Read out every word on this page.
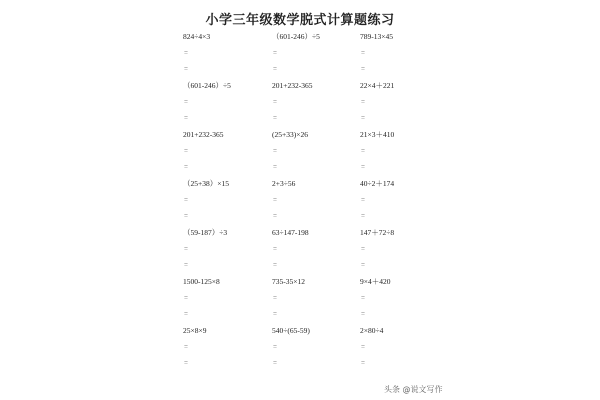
小学三年级数学脱式计算题练习
824÷4×3
=
=
（601-246）÷5
=
=
201+232-365
=
=
（25+38）×15
=
=
（59-187）÷3
=
=
1500-125×8
=
=
25×8×9
=
=
（601-246）÷5
=
=
201+232-365
=
=
(25+33)×26
=
=
2+3÷56
=
=
63÷147-198
=
=
735-35×12
=
=
540÷(65-59)
=
=
789-13×45
=
=
22×4＋221
=
=
21×3＋410
=
=
40÷2＋174
=
=
147＋72÷8
=
=
9×4＋420
=
=
2×80÷4
=
=
头条 @说文写作
